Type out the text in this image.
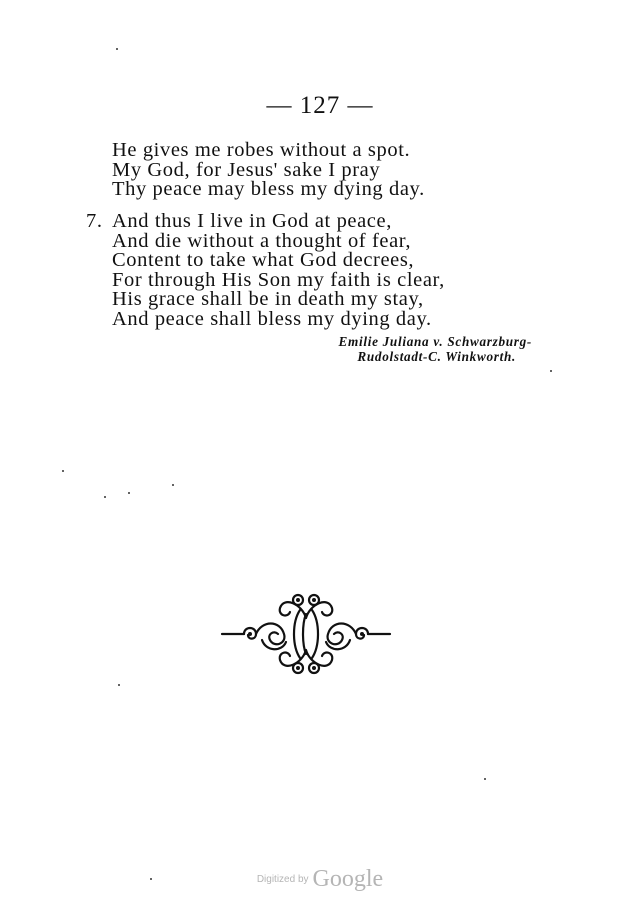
— 127 —
He gives me robes without a spot.
My God, for Jesus' sake I pray
Thy peace may bless my dying day.
7. And thus I live in God at peace,
And die without a thought of fear,
Content to take what God decrees,
For through His Son my faith is clear,
His grace shall be in death my stay,
And peace shall bless my dying day.
Emilie Juliana v. Schwarzburg-
Rudolstadt-C. Winkworth.
Digitized by Google
